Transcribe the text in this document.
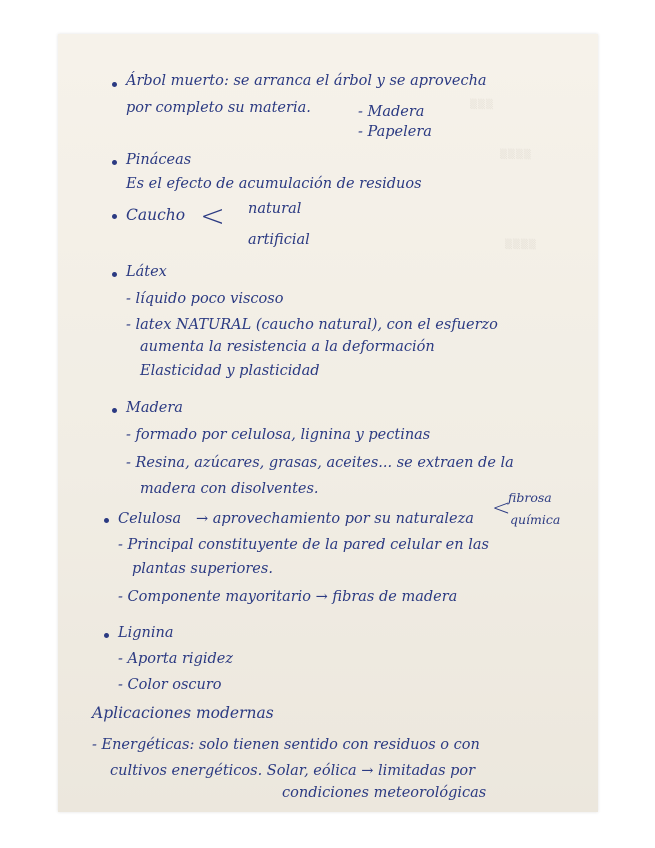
▒▒▒
▒▒▒▒
▒▒▒▒
Árbol muerto : se arranca el árbol y se aprovecha
por completo su materia.	- Madera
- Papelera
Pináceas
Es el efecto de acumulación de residuos
Caucho < natural
artificial
Látex
- líquido poco viscoso
- latex NATURAL (caucho natural), con el esfuerzo
aumenta la resistencia a la deformación
Elasticidad y plasticidad
Madera
- formado por celulosa, lignina y pectinas
- Resina, azúcares, grasas, aceites... se extraen de la
madera con disolventes.
Celulosa → aprovechamiento por su naturaleza <
fibrosa
química
- Principal constituyente de la pared celular en las
plantas superiores.
- Componente mayoritario → fibras de madera
Lignina
- Aporta rigidez
- Color oscuro
Aplicaciones modernas
- Energéticas: solo tienen sentido con residuos o con
cultivos energéticos. Solar, eólica → limitadas por
condiciones meteorológicas
